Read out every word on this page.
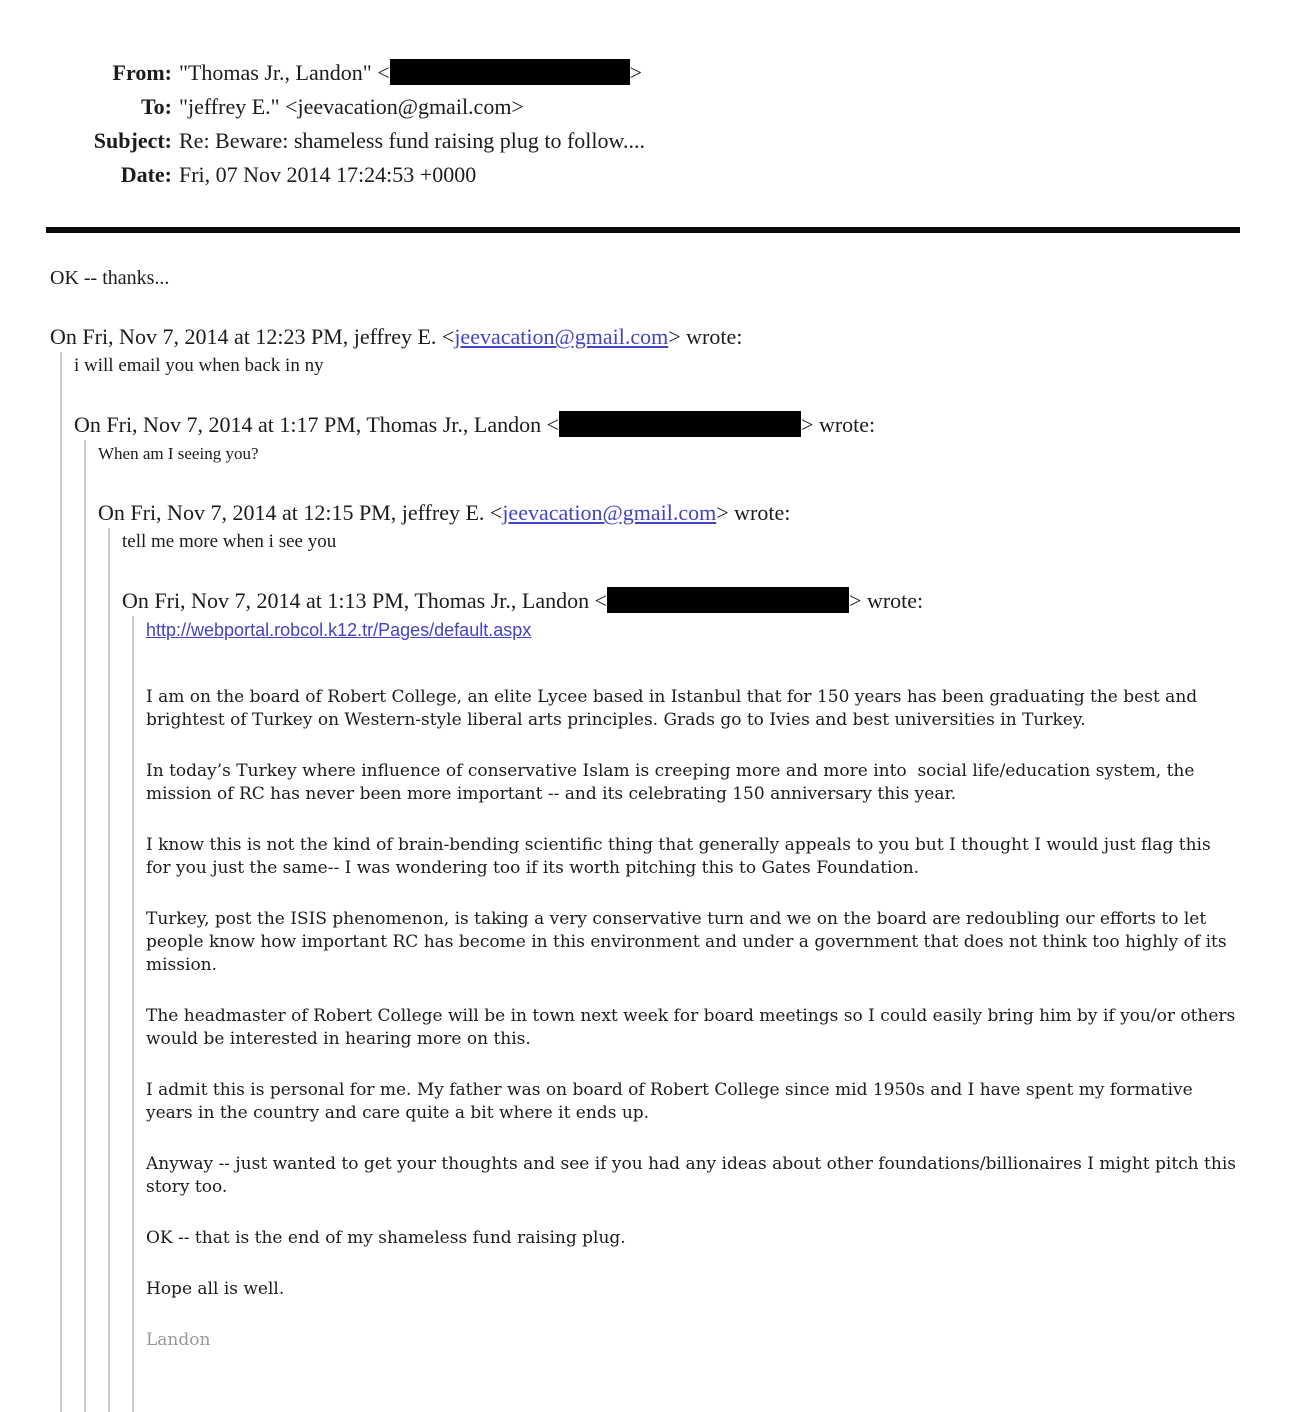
From: "Thomas Jr., Landon" <	>
To: "jeffrey E." <jeevacation@gmail.com>
Subject: Re: Beware: shameless fund raising plug to follow....
Date: Fri, 07 Nov 2014 17:24:53 +0000
OK -- thanks...
On Fri, Nov 7, 2014 at 12:23 PM, jeffrey E. <jeevacation@gmail.com> wrote:
i will email you when back in ny
On Fri, Nov 7, 2014 at 1:17 PM, Thomas Jr., Landon <	> wrote:
When am I seeing you?
On Fri, Nov 7, 2014 at 12:15 PM, jeffrey E. <jeevacation@gmail.com> wrote:
tell me more when i see you
On Fri, Nov 7, 2014 at 1:13 PM, Thomas Jr., Landon <	> wrote:
http://webportal.robcol.k12.tr/Pages/default.aspx

I am on the board of Robert College, an elite Lycee based in Istanbul that for 150 years has been graduating the best and brightest of Turkey on Western-style liberal arts principles. Grads go to Ivies and best universities in Turkey.

In today’s Turkey where influence of conservative Islam is creeping more and more into  social life/education system, the mission of RC has never been more important -- and its celebrating 150 anniversary this year.

I know this is not the kind of brain-bending scientific thing that generally appeals to you but I thought I would just flag this for you just the same-- I was wondering too if its worth pitching this to Gates Foundation.

Turkey, post the ISIS phenomenon, is taking a very conservative turn and we on the board are redoubling our efforts to let people know how important RC has become in this environment and under a government that does not think too highly of its mission.

The headmaster of Robert College will be in town next week for board meetings so I could easily bring him by if you/or others would be interested in hearing more on this.

I admit this is personal for me. My father was on board of Robert College since mid 1950s and I have spent my formative years in the country and care quite a bit where it ends up.

Anyway -- just wanted to get your thoughts and see if you had any ideas about other foundations/billionaires I might pitch this story too.

OK -- that is the end of my shameless fund raising plug.

Hope all is well.

Landon
